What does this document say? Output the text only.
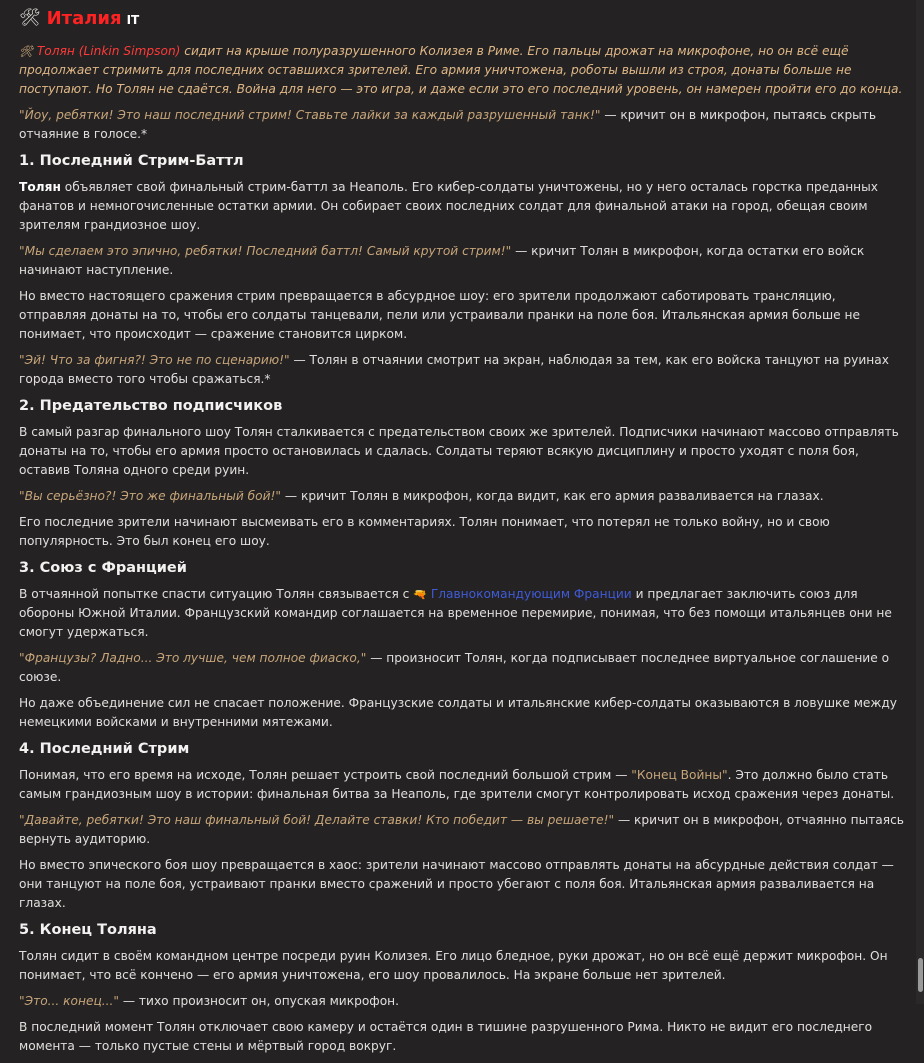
🛠 Италия IT

🛠 Толян (Linkin Simpson) сидит на крыше полуразрушенного Колизея в Риме. Его пальцы дрожат на микрофоне, но он всё ещё продолжает стримить для последних оставшихся зрителей. Его армия уничтожена, роботы вышли из строя, донаты больше не поступают. Но Толян не сдаётся. Война для него — это игра, и даже если это его последний уровень, он намерен пройти его до конца.

"Йоу, ребятки! Это наш последний стрим! Ставьте лайки за каждый разрушенный танк!" — кричит он в микрофон, пытаясь скрыть отчаяние в голосе.*

1. Последний Стрим-Баттл

Толян объявляет свой финальный стрим-баттл за Неаполь. Его кибер-солдаты уничтожены, но у него осталась горстка преданных фанатов и немногочисленные остатки армии. Он собирает своих последних солдат для финальной атаки на город, обещая своим зрителям грандиозное шоу.

"Мы сделаем это эпично, ребятки! Последний баттл! Самый крутой стрим!" — кричит Толян в микрофон, когда остатки его войск начинают наступление.

Но вместо настоящего сражения стрим превращается в абсурдное шоу: его зрители продолжают саботировать трансляцию, отправляя донаты на то, чтобы его солдаты танцевали, пели или устраивали пранки на поле боя. Итальянская армия больше не понимает, что происходит — сражение становится цирком.

"Эй! Что за фигня?! Это не по сценарию!" — Толян в отчаянии смотрит на экран, наблюдая за тем, как его войска танцуют на руинах города вместо того чтобы сражаться.*

2. Предательство подписчиков

В самый разгар финального шоу Толян сталкивается с предательством своих же зрителей. Подписчики начинают массово отправлять донаты на то, чтобы его армия просто остановилась и сдалась. Солдаты теряют всякую дисциплину и просто уходят с поля боя, оставив Толяна одного среди руин.

"Вы серьёзно?! Это же финальный бой!" — кричит Толян в микрофон, когда видит, как его армия разваливается на глазах.

Его последние зрители начинают высмеивать его в комментариях. Толян понимает, что потерял не только войну, но и свою популярность. Это был конец его шоу.

3. Союз с Францией

В отчаянной попытке спасти ситуацию Толян связывается с 🔫 Главнокомандующим Франции и предлагает заключить союз для обороны Южной Италии. Французский командир соглашается на временное перемирие, понимая, что без помощи итальянцев они не смогут удержаться.

"Французы? Ладно... Это лучше, чем полное фиаско," — произносит Толян, когда подписывает последнее виртуальное соглашение о союзе.

Но даже объединение сил не спасает положение. Французские солдаты и итальянские кибер-солдаты оказываются в ловушке между немецкими войсками и внутренними мятежами.

4. Последний Стрим

Понимая, что его время на исходе, Толян решает устроить свой последний большой стрим — "Конец Войны". Это должно было стать самым грандиозным шоу в истории: финальная битва за Неаполь, где зрители смогут контролировать исход сражения через донаты.

"Давайте, ребятки! Это наш финальный бой! Делайте ставки! Кто победит — вы решаете!" — кричит он в микрофон, отчаянно пытаясь вернуть аудиторию.

Но вместо эпического боя шоу превращается в хаос: зрители начинают массово отправлять донаты на абсурдные действия солдат — они танцуют на поле боя, устраивают пранки вместо сражений и просто убегают с поля боя. Итальянская армия разваливается на глазах.

5. Конец Толяна

Толян сидит в своём командном центре посреди руин Колизея. Его лицо бледное, руки дрожат, но он всё ещё держит микрофон. Он понимает, что всё кончено — его армия уничтожена, его шоу провалилось. На экране больше нет зрителей.

"Это... конец..." — тихо произносит он, опуская микрофон.

В последний момент Толян отключает свою камеру и остаётся один в тишине разрушенного Рима. Никто не видит его последнего момента — только пустые стены и мёртвый город вокруг.
